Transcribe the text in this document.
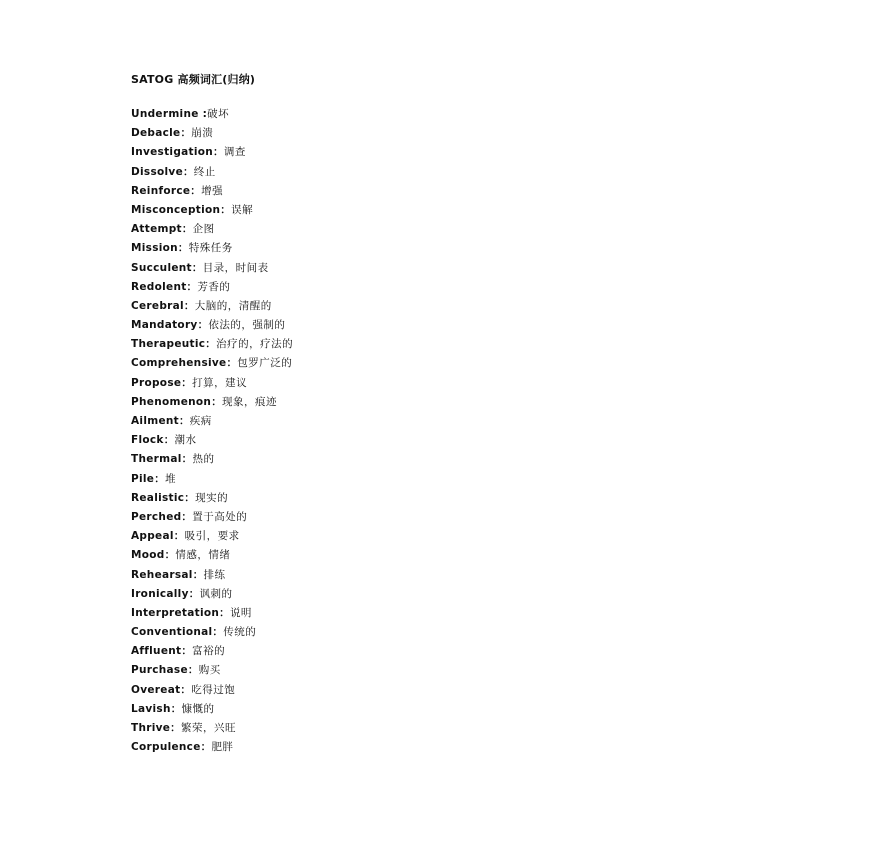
SATOG 高频词汇(归纳)
Undermine :破坏
Debacle：崩溃
Investigation：调查
Dissolve：终止
Reinforce：增强
Misconception：误解
Attempt：企图
Mission：特殊任务
Succulent：目录，时间表
Redolent：芳香的
Cerebral：大脑的，清醒的
Mandatory：依法的，强制的
Therapeutic：治疗的，疗法的
Comprehensive：包罗广泛的
Propose：打算，建议
Phenomenon：现象，痕迹
Ailment：疾病
Flock：潮水
Thermal：热的
Pile：堆
Realistic：现实的
Perched：置于高处的
Appeal：吸引，要求
Mood：情感，情绪
Rehearsal：排练
Ironically：讽刺的
Interpretation：说明
Conventional：传统的
Affluent：富裕的
Purchase：购买
Overeat：吃得过饱
Lavish：慷慨的
Thrive：繁荣，兴旺
Corpulence：肥胖
